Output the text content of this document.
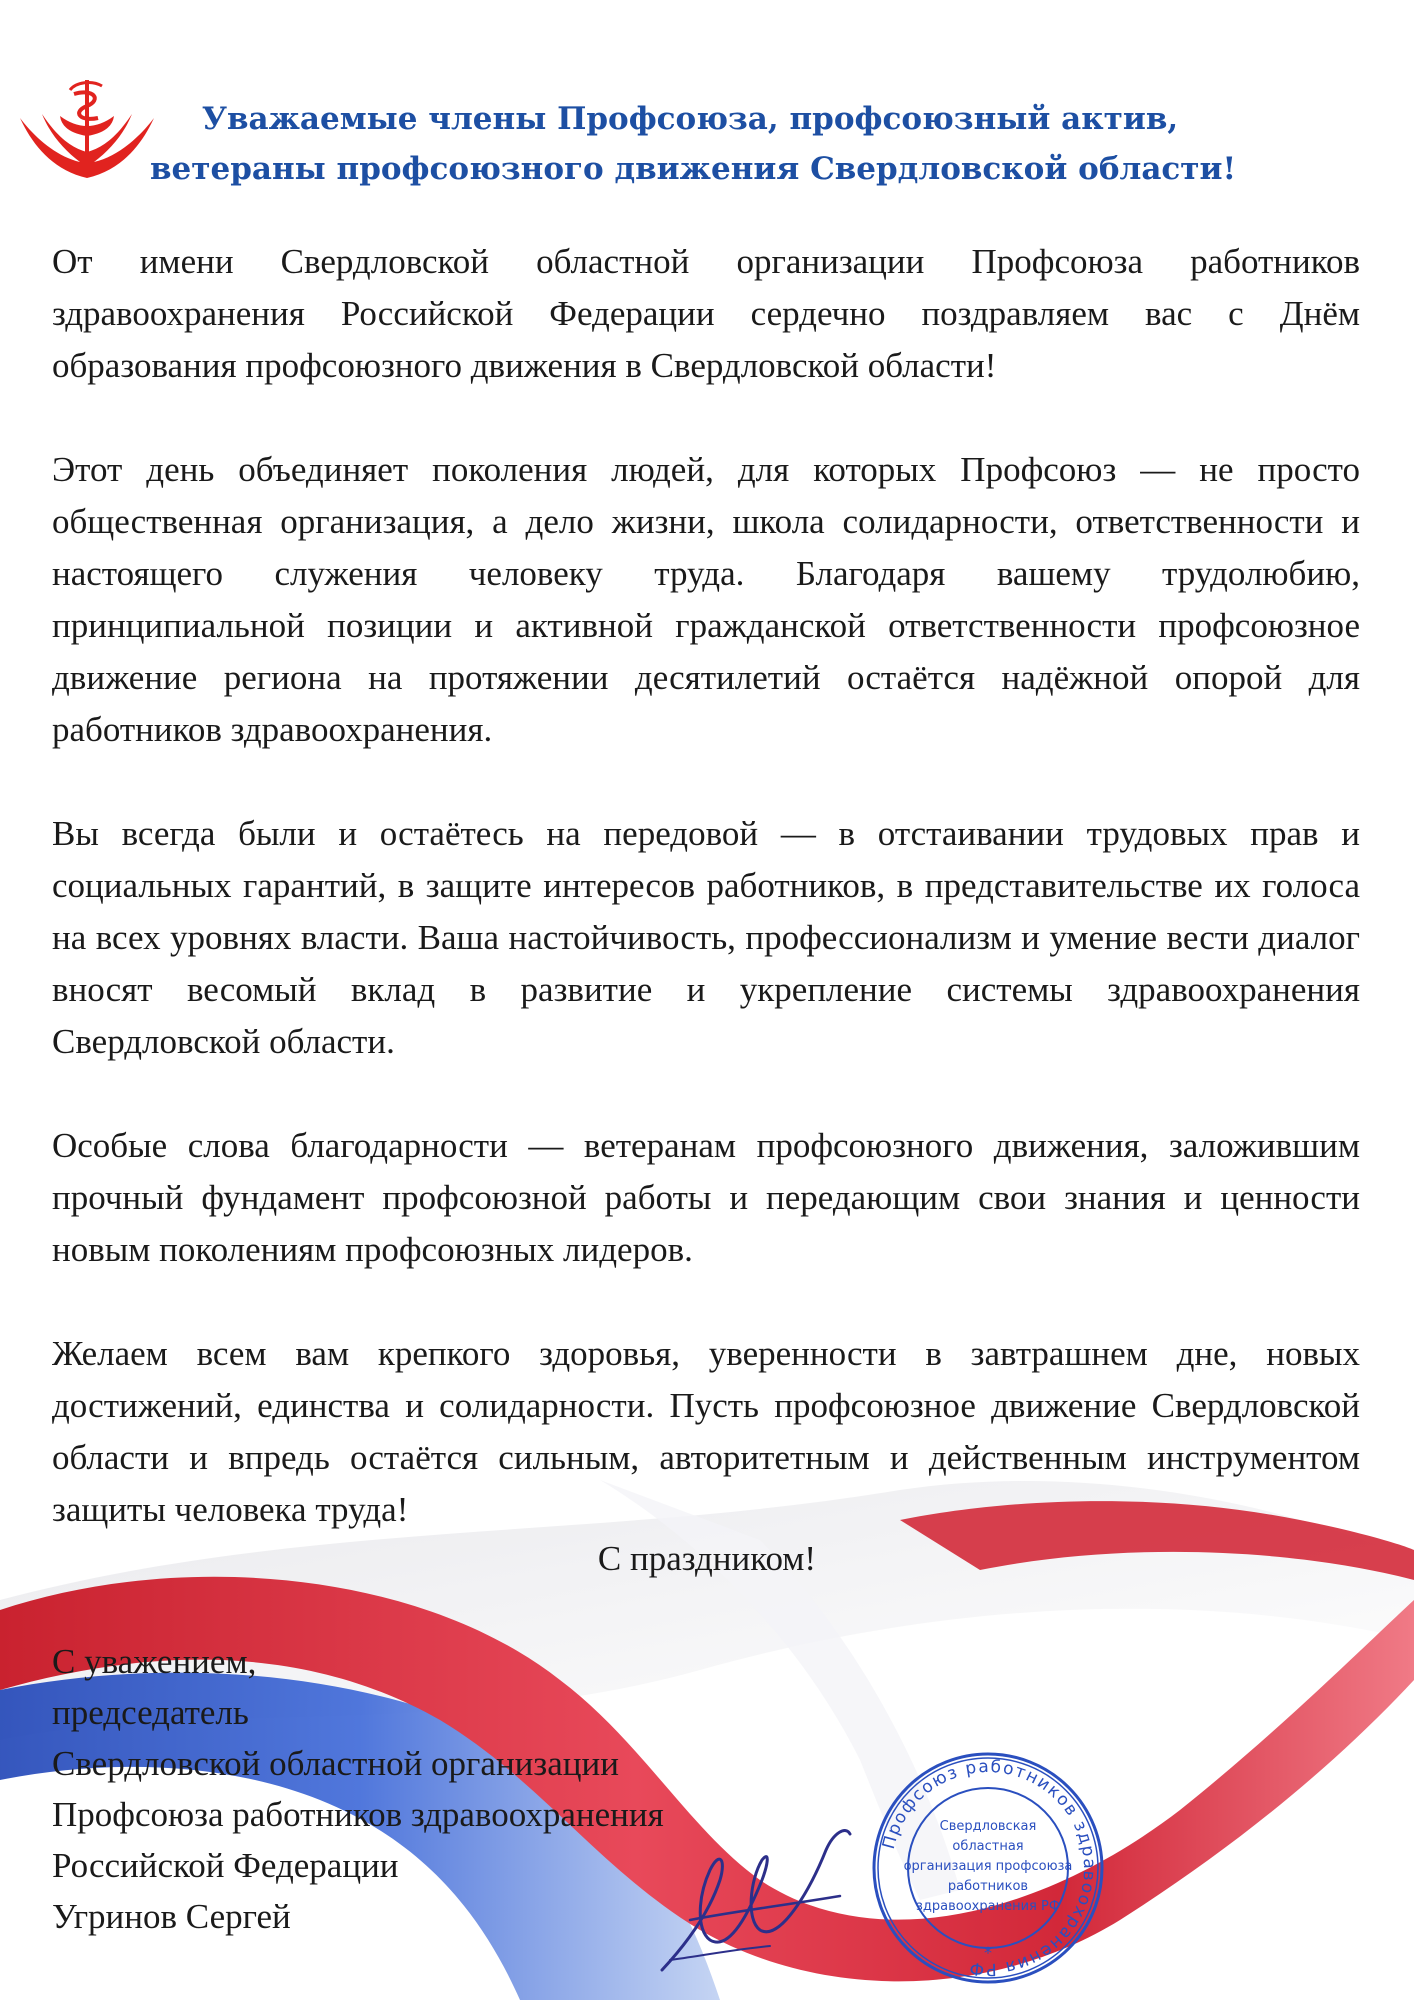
Уважаемые члены Профсоюза, профсоюзный актив,
ветераны профсоюзного движения Свердловской области!

От имени Свердловской областной организации Профсоюза работников здравоохранения Российской Федерации сердечно поздравляем вас с Днём образования профсоюзного движения в Свердловской области!

Этот день объединяет поколения людей, для которых Профсоюз — не просто общественная организация, а дело жизни, школа солидарности, ответственности и настоящего служения человеку труда. Благодаря вашему трудолюбию, принципиальной позиции и активной гражданской ответственности профсоюзное движение региона на протяжении десятилетий остаётся надёжной опорой для работников здравоохранения.

Вы всегда были и остаётесь на передовой — в отстаивании трудовых прав и социальных гарантий, в защите интересов работников, в представительстве их голоса на всех уровнях власти. Ваша настойчивость, профессионализм и умение вести диалог вносят весомый вклад в развитие и укрепление системы здравоохранения Свердловской области.

Особые слова благодарности — ветеранам профсоюзного движения, заложившим прочный фундамент профсоюзной работы и передающим свои знания и ценности новым поколениям профсоюзных лидеров.

Желаем всем вам крепкого здоровья, уверенности в завтрашнем дне, новых достижений, единства и солидарности. Пусть профсоюзное движение Свердловской области и впредь остаётся сильным, авторитетным и действенным инструментом защиты человека труда!

С праздником!
С уважением,
председатель
Свердловской областной организации
Профсоюза работников здравоохранения
Российской Федерации
Угринов Сергей
Профсоюз работников здравоохранения РФ
Свердловская
областная
организация профсоюза
работников
здравоохранения РФ
*
